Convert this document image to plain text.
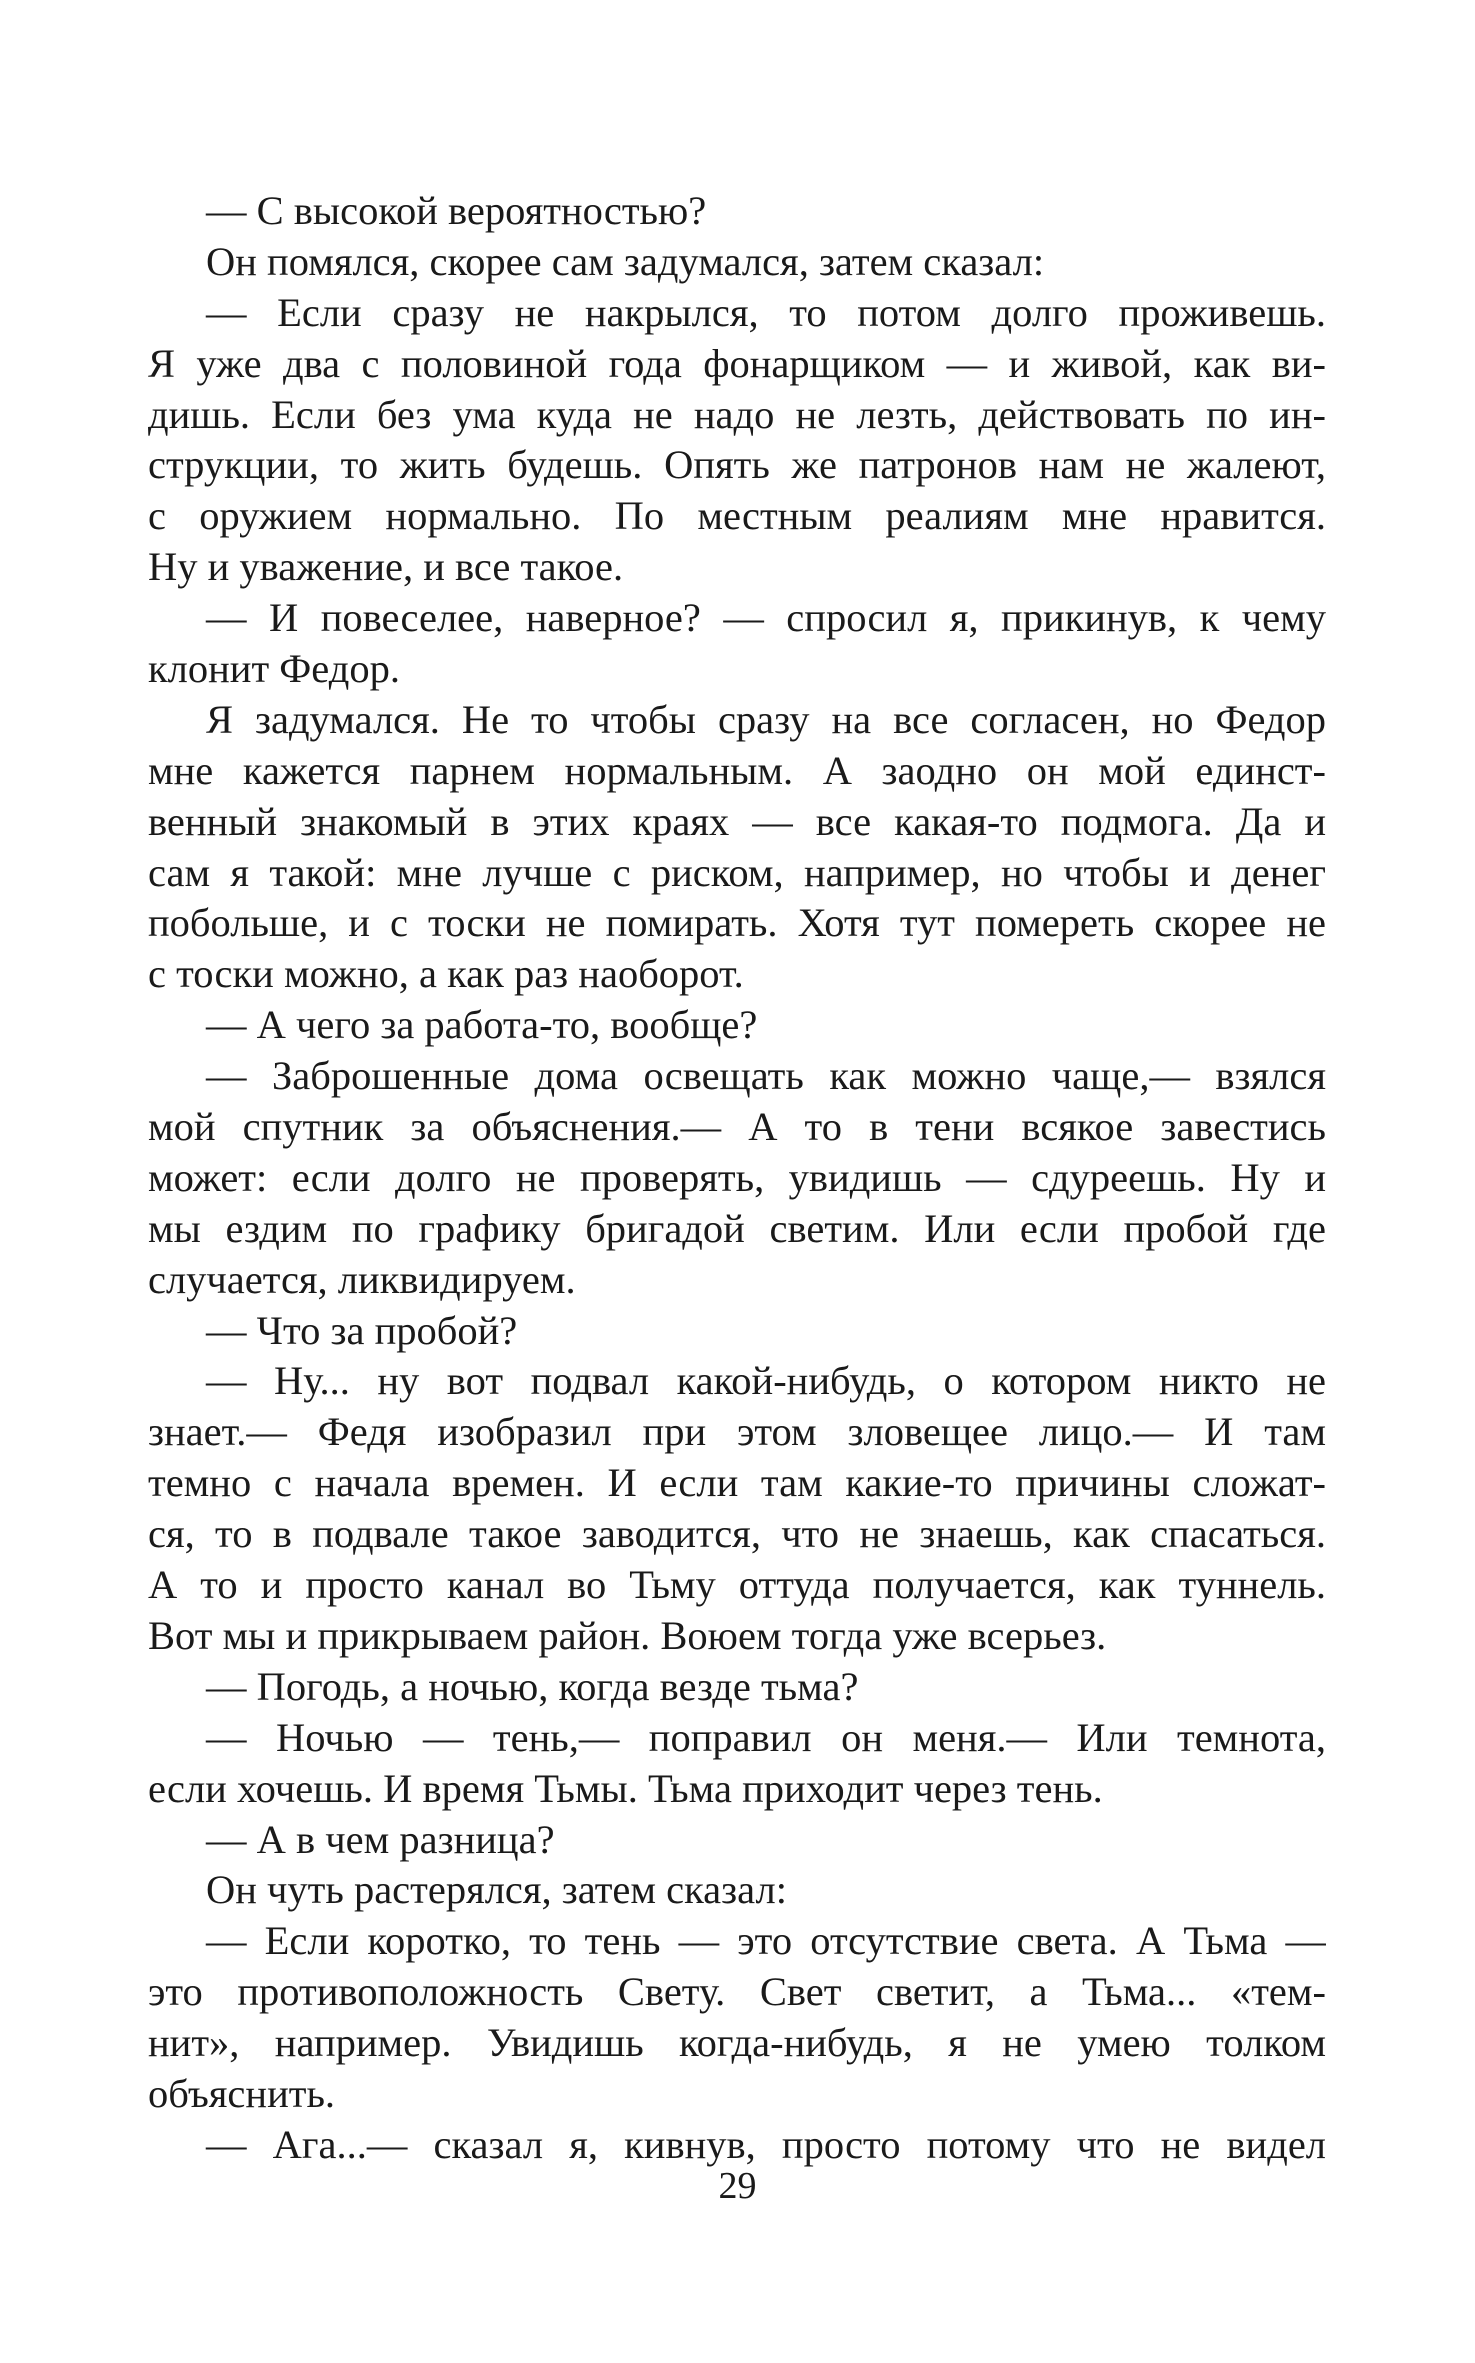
— С высокой вероятностью?
Он помялся, скорее сам задумался, затем сказал:
— Если сразу не накрылся, то потом долго проживешь.
Я уже два с половиной года фонарщиком — и живой, как ви-
дишь. Если без ума куда не надо не лезть, действовать по ин-
струкции, то жить будешь. Опять же патронов нам не жалеют,
с оружием нормально. По местным реалиям мне нравится.
Ну и уважение, и все такое.
— И повеселее, наверное? — спросил я, прикинув, к чему
клонит Федор.
Я задумался. Не то чтобы сразу на все согласен, но Федор
мне кажется парнем нормальным. А заодно он мой единст-
венный знакомый в этих краях — все какая-то подмога. Да и
сам я такой: мне лучше с риском, например, но чтобы и денег
побольше, и с тоски не помирать. Хотя тут помереть скорее не
с тоски можно, а как раз наоборот.
— А чего за работа-то, вообще?
— Заброшенные дома освещать как можно чаще,— взялся
мой спутник за объяснения.— А то в тени всякое завестись
может: если долго не проверять, увидишь — сдуреешь. Ну и
мы ездим по графику бригадой светим. Или если пробой где
случается, ликвидируем.
— Что за пробой?
— Ну... ну вот подвал какой-нибудь, о котором никто не
знает.— Федя изобразил при этом зловещее лицо.— И там
темно с начала времен. И если там какие-то причины сложат-
ся, то в подвале такое заводится, что не знаешь, как спасаться.
А то и просто канал во Тьму оттуда получается, как туннель.
Вот мы и прикрываем район. Воюем тогда уже всерьез.
— Погодь, а ночью, когда везде тьма?
— Ночью — тень,— поправил он меня.— Или темнота,
если хочешь. И время Тьмы. Тьма приходит через тень.
— А в чем разница?
Он чуть растерялся, затем сказал:
— Если коротко, то тень — это отсутствие света. А Тьма —
это противоположность Свету. Свет светит, а Тьма... «тем-
нит», например. Увидишь когда-нибудь, я не умею толком
объяснить.
— Ага...— сказал я, кивнув, просто потому что не видел
29
